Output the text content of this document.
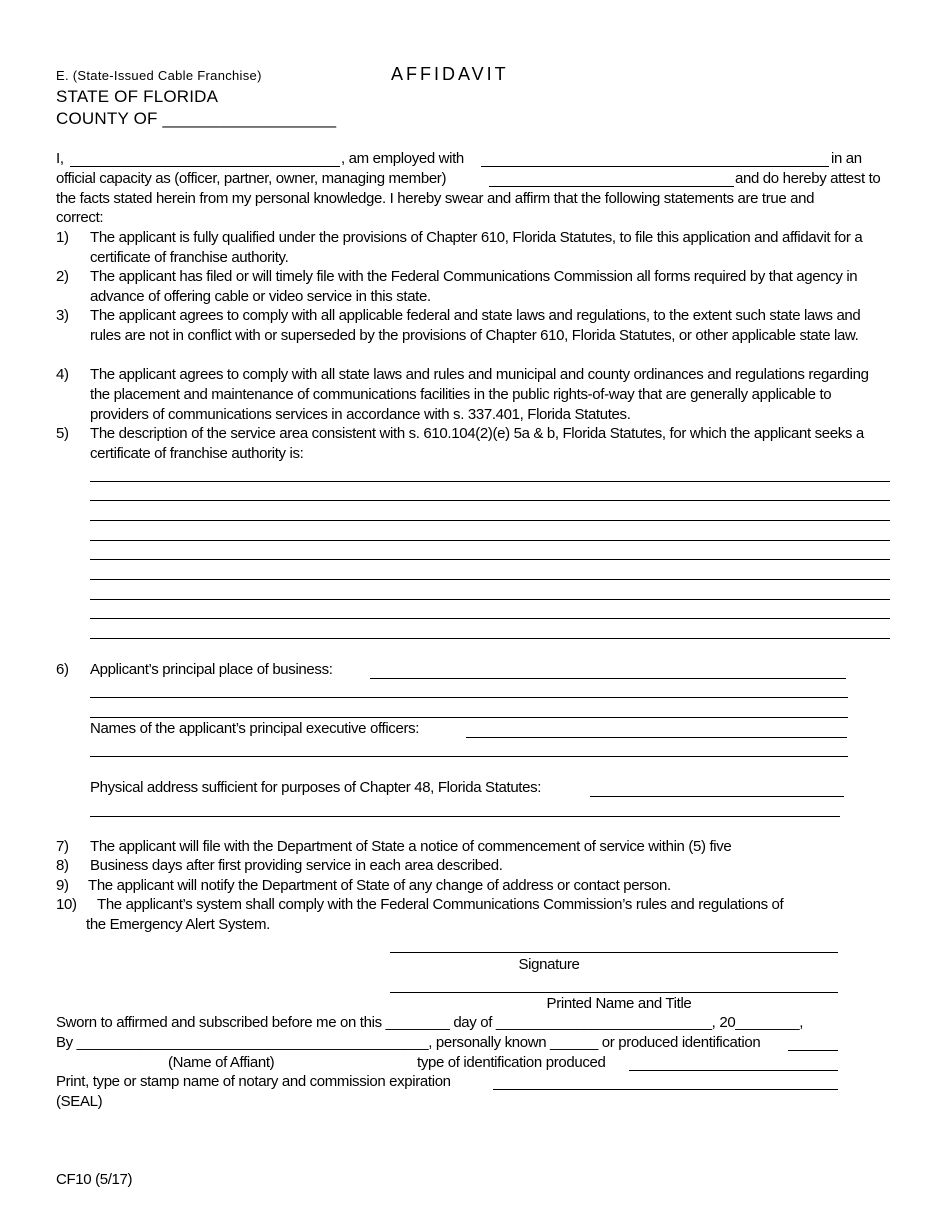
E. (State-Issued Cable Franchise)	AFFIDAVIT
STATE OF FLORIDA
COUNTY OF __________________
I,	, am employed with	in an
official capacity as (officer, partner, owner, managing member)	and do hereby attest to
the facts stated herein from my personal knowledge. I hereby swear and affirm that the following statements are true and
correct:
1) The applicant is fully qualified under the provisions of Chapter 610, Florida Statutes, to file this application and affidavit for a certificate of franchise authority.
2) The applicant has filed or will timely file with the Federal Communications Commission all forms required by that agency in advance of offering cable or video service in this state.
3) The applicant agrees to comply with all applicable federal and state laws and regulations, to the extent such state laws and rules are not in conflict with or superseded by the provisions of Chapter 610, Florida Statutes, or other applicable state law.
4) The applicant agrees to comply with all state laws and rules and municipal and county ordinances and regulations regarding the placement and maintenance of communications facilities in the public rights-of-way that are generally applicable to providers of communications services in accordance with s. 337.401, Florida Statutes.
5) The description of the service area consistent with s. 610.104(2)(e) 5a & b, Florida Statutes, for which the applicant seeks a certificate of franchise authority is:
6) Applicant’s principal place of business:
Names of the applicant’s principal executive officers:
Physical address sufficient for purposes of Chapter 48, Florida Statutes:
7) The applicant will file with the Department of State a notice of commencement of service within (5) five
8) Business days after first providing service in each area described.
9) The applicant will notify the Department of State of any change of address or contact person.
10) The applicant’s system shall comply with the Federal Communications Commission’s rules and regulations of
the Emergency Alert System.
Signature
Printed Name and Title
Sworn to affirmed and subscribed before me on this ________ day of ___________________________, 20________,
By ____________________________________________, personally known ______ or produced identification
(Name of Affiant)	type of identification produced
Print, type or stamp name of notary and commission expiration
(SEAL)
CF10 (5/17)
